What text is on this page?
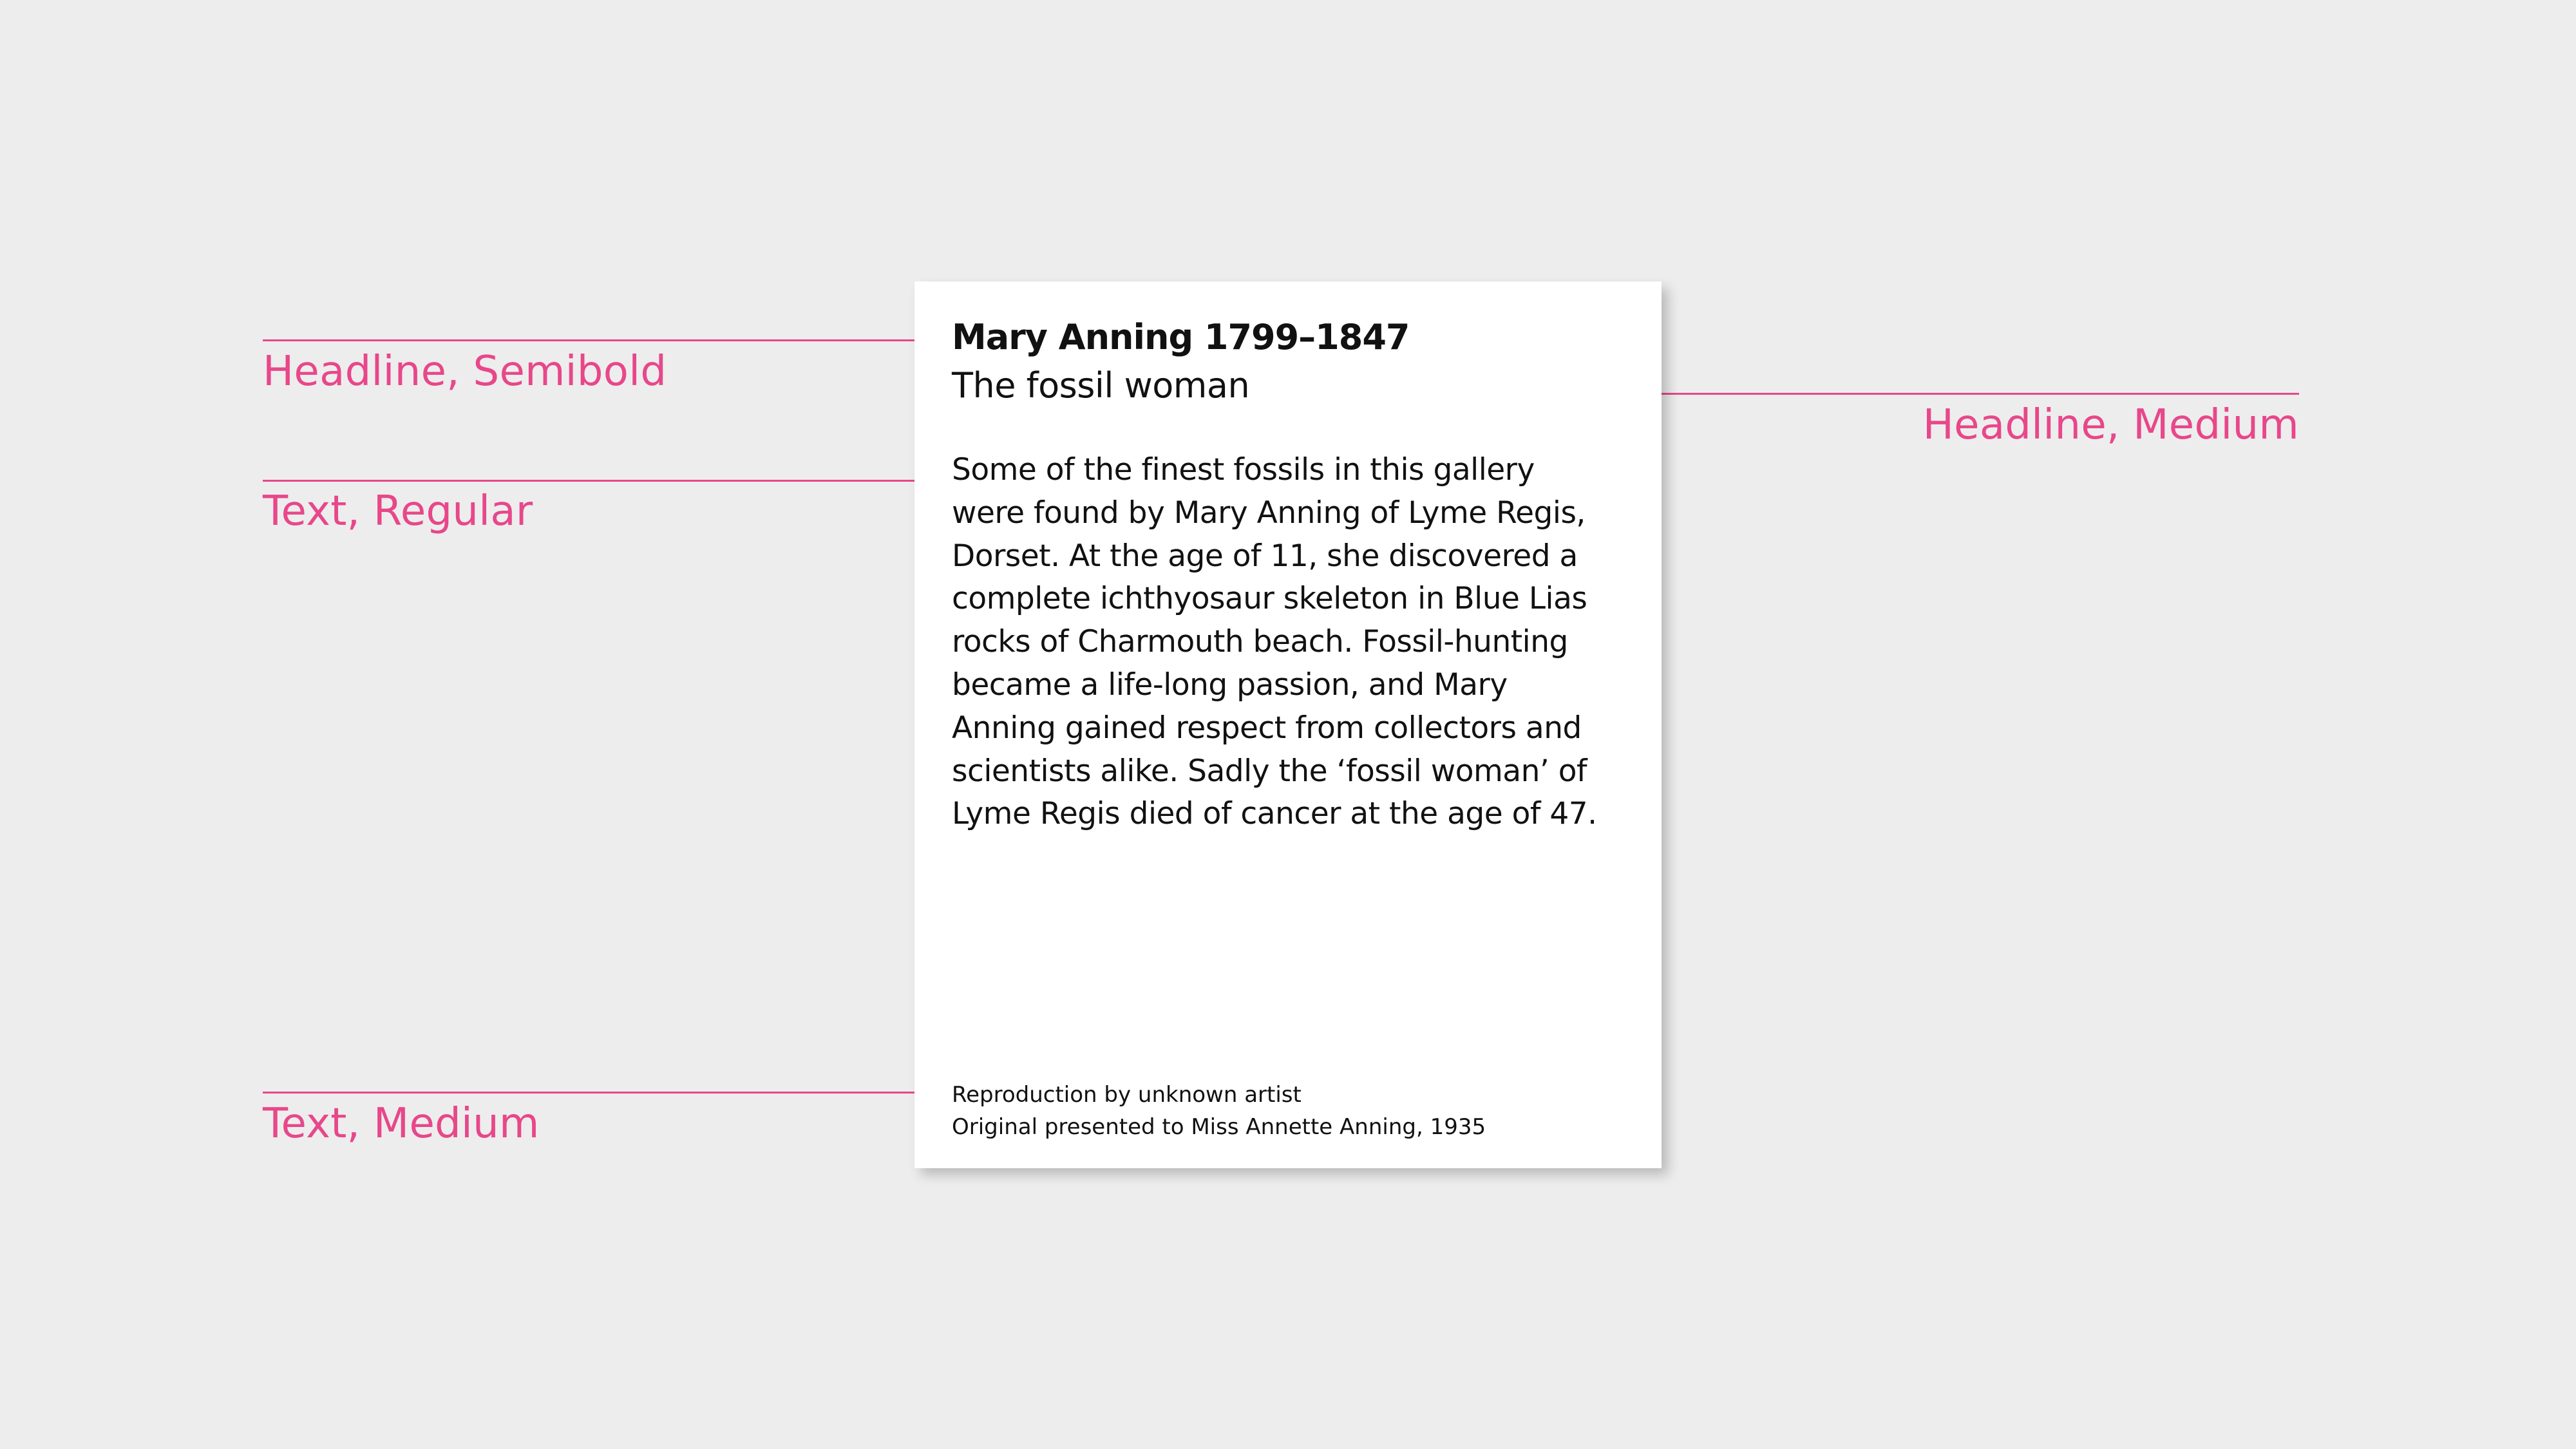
Headline, Semibold
Headline, Medium
Text, Regular
Text, Medium
Mary Anning 1799–1847
The fossil woman

Some of the finest fossils in this gallery
were found by Mary Anning of Lyme Regis,
Dorset. At the age of 11, she discovered a
complete ichthyosaur skeleton in Blue Lias
rocks of Charmouth beach. Fossil-hunting
became a life-long passion, and Mary
Anning gained respect from collectors and
scientists alike. Sadly the ‘fossil woman’ of
Lyme Regis died of cancer at the age of 47.

Reproduction by unknown artist
Original presented to Miss Annette Anning, 1935
